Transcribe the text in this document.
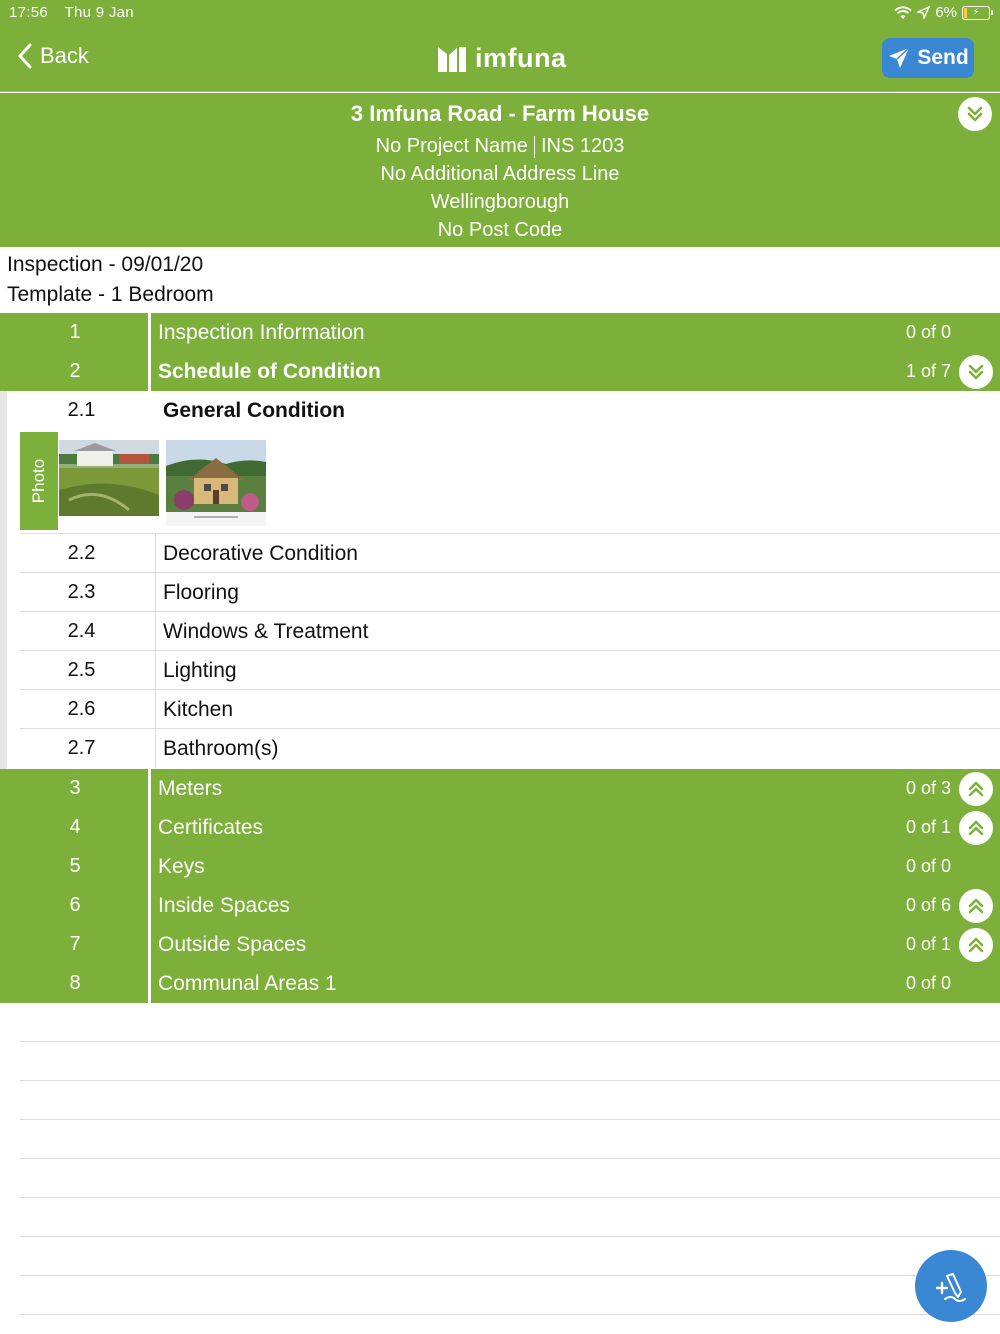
17:56 Thu 9 Jan	6%	⚡
Back	imfuna	Send
3 Imfuna Road - Farm House
No Project Name INS 1203
No Additional Address Line
Wellingborough
No Post Code
Inspection - 09/01/20
Template - 1 Bedroom
1	Inspection Information	0 of 0
2	Schedule of Condition	1 of 7
2.1	General Condition
Photo
2.2	Decorative Condition
2.3	Flooring
2.4	Windows & Treatment
2.5	Lighting
2.6	Kitchen
2.7	Bathroom(s)
3	Meters	0 of 3
4	Certificates	0 of 1
5	Keys	0 of 0
6	Inside Spaces	0 of 6
7	Outside Spaces	0 of 1
8	Communal Areas 1	0 of 0
